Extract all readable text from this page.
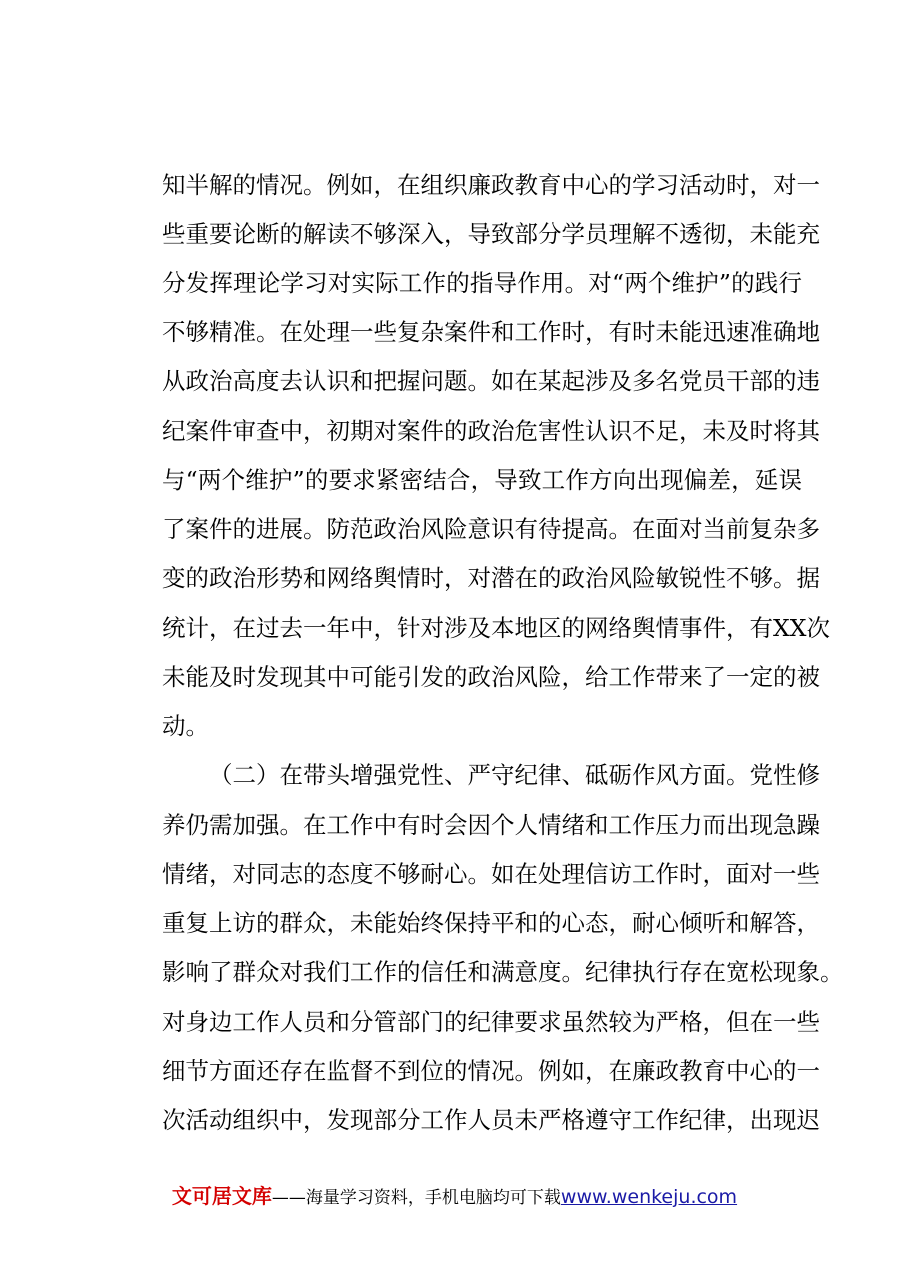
知半解的情况。例如，在组织廉政教育中心的学习活动时，对一
些重要论断的解读不够深入，导致部分学员理解不透彻，未能充
分发挥理论学习对实际工作的指导作用。对“两个维护”的践行
不够精准。在处理一些复杂案件和工作时，有时未能迅速准确地
从政治高度去认识和把握问题。如在某起涉及多名党员干部的违
纪案件审查中，初期对案件的政治危害性认识不足，未及时将其
与“两个维护”的要求紧密结合，导致工作方向出现偏差，延误
了案件的进展。防范政治风险意识有待提高。在面对当前复杂多
变的政治形势和网络舆情时，对潜在的政治风险敏锐性不够。据
统计，在过去一年中，针对涉及本地区的网络舆情事件，有XX次
未能及时发现其中可能引发的政治风险，给工作带来了一定的被
动。
（二）在带头增强党性、严守纪律、砥砺作风方面。党性修
养仍需加强。在工作中有时会因个人情绪和工作压力而出现急躁
情绪，对同志的态度不够耐心。如在处理信访工作时，面对一些
重复上访的群众，未能始终保持平和的心态，耐心倾听和解答，
影响了群众对我们工作的信任和满意度。纪律执行存在宽松现象。
对身边工作人员和分管部门的纪律要求虽然较为严格，但在一些
细节方面还存在监督不到位的情况。例如，在廉政教育中心的一
次活动组织中，发现部分工作人员未严格遵守工作纪律，出现迟
文可居文库——海量学习资料，手机电脑均可下载www.wenkeju.com
